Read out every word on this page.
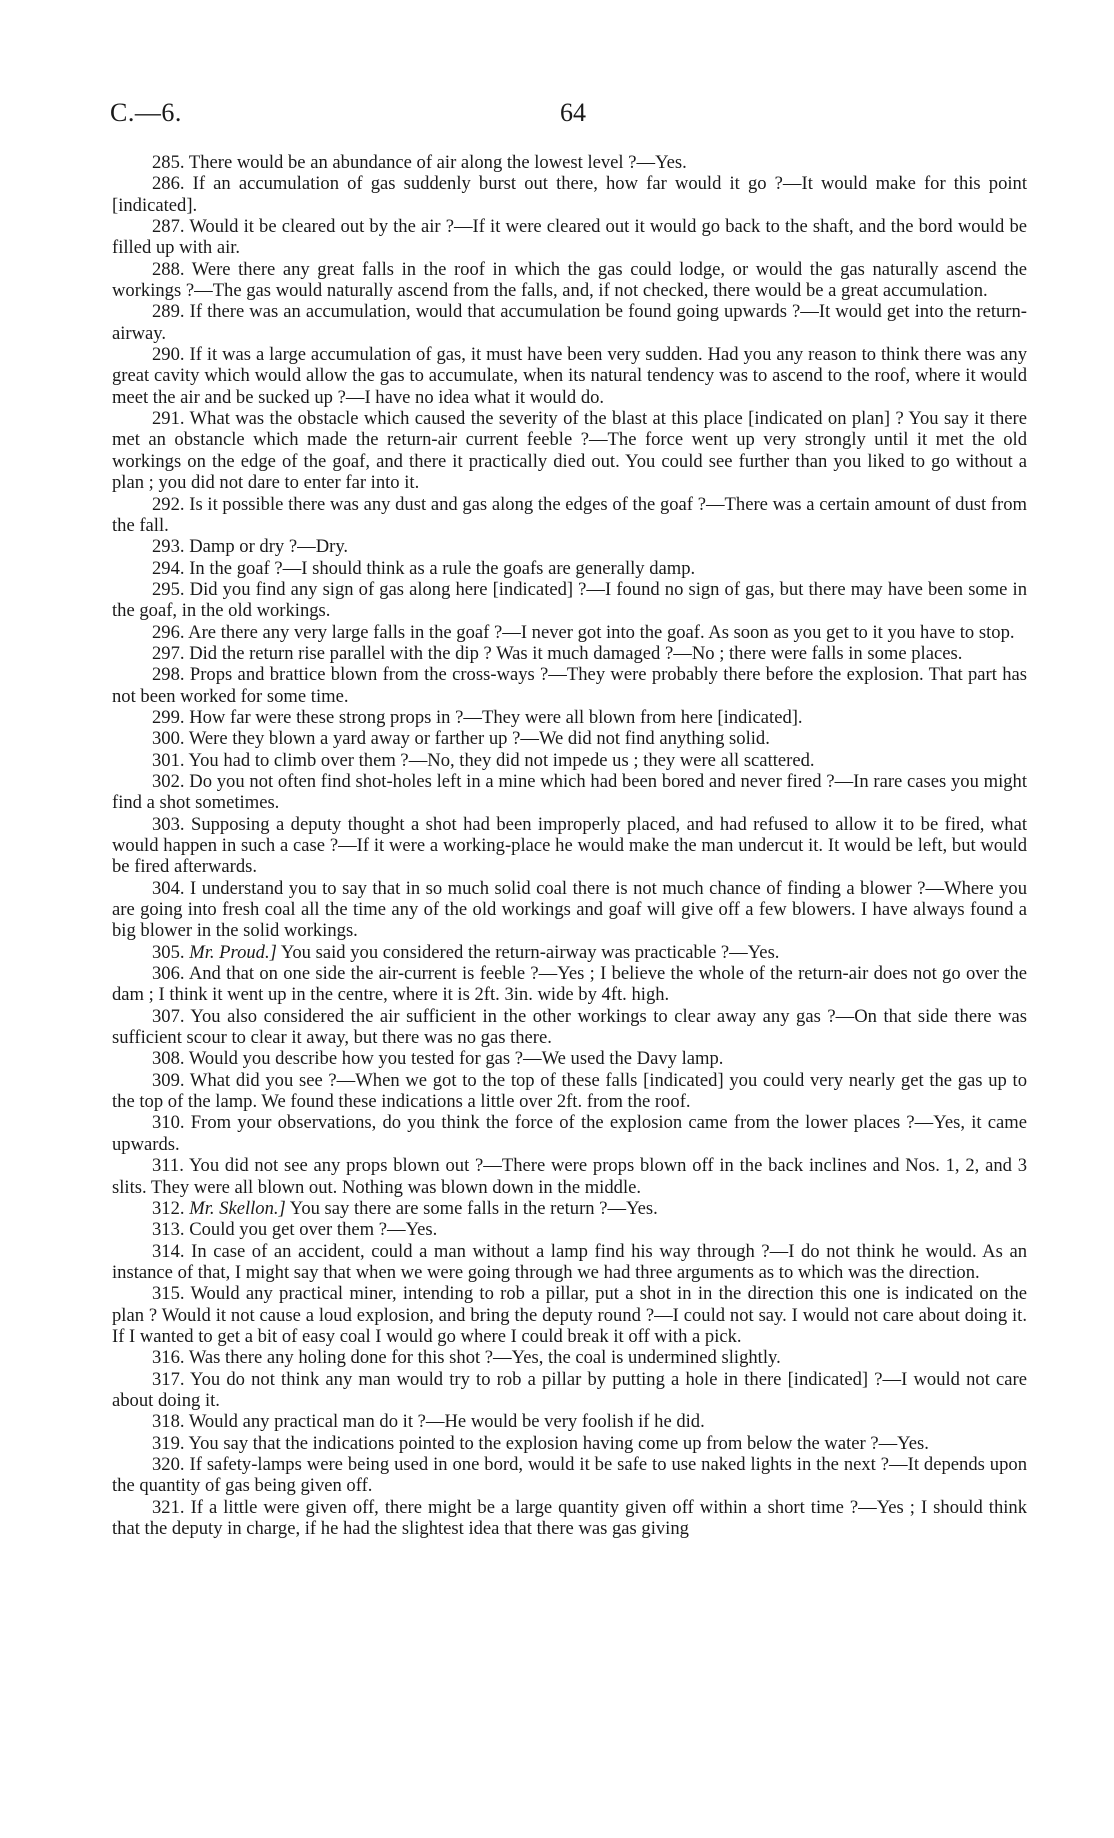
C.—6.	64

285. There would be an abundance of air along the lowest level ?—Yes.

286. If an accumulation of gas suddenly burst out there, how far would it go ?—It would make for this point [indicated].

287. Would it be cleared out by the air ?—If it were cleared out it would go back to the shaft, and the bord would be filled up with air.

288. Were there any great falls in the roof in which the gas could lodge, or would the gas naturally ascend the workings ?—The gas would naturally ascend from the falls, and, if not checked, there would be a great accumulation.

289. If there was an accumulation, would that accumulation be found going upwards ?—It would get into the return-airway.

290. If it was a large accumulation of gas, it must have been very sudden. Had you any reason to think there was any great cavity which would allow the gas to accumulate, when its natural tendency was to ascend to the roof, where it would meet the air and be sucked up ?—I have no idea what it would do.

291. What was the obstacle which caused the severity of the blast at this place [indicated on plan] ? You say it there met an obstancle which made the return-air current feeble ?—The force went up very strongly until it met the old workings on the edge of the goaf, and there it practically died out. You could see further than you liked to go without a plan ; you did not dare to enter far into it.

292. Is it possible there was any dust and gas along the edges of the goaf ?—There was a certain amount of dust from the fall.

293. Damp or dry ?—Dry.

294. In the goaf ?—I should think as a rule the goafs are generally damp.

295. Did you find any sign of gas along here [indicated] ?—I found no sign of gas, but there may have been some in the goaf, in the old workings.

296. Are there any very large falls in the goaf ?—I never got into the goaf. As soon as you get to it you have to stop.

297. Did the return rise parallel with the dip ? Was it much damaged ?—No ; there were falls in some places.

298. Props and brattice blown from the cross-ways ?—They were probably there before the explosion. That part has not been worked for some time.

299. How far were these strong props in ?—They were all blown from here [indicated].

300. Were they blown a yard away or farther up ?—We did not find anything solid.

301. You had to climb over them ?—No, they did not impede us ; they were all scattered.

302. Do you not often find shot-holes left in a mine which had been bored and never fired ?—In rare cases you might find a shot sometimes.

303. Supposing a deputy thought a shot had been improperly placed, and had refused to allow it to be fired, what would happen in such a case ?—If it were a working-place he would make the man undercut it. It would be left, but would be fired afterwards.

304. I understand you to say that in so much solid coal there is not much chance of finding a blower ?—Where you are going into fresh coal all the time any of the old workings and goaf will give off a few blowers. I have always found a big blower in the solid workings.

305. Mr. Proud.] You said you considered the return-airway was practicable ?—Yes.

306. And that on one side the air-current is feeble ?—Yes ; I believe the whole of the return-air does not go over the dam ; I think it went up in the centre, where it is 2ft. 3in. wide by 4ft. high.

307. You also considered the air sufficient in the other workings to clear away any gas ?—On that side there was sufficient scour to clear it away, but there was no gas there.

308. Would you describe how you tested for gas ?—We used the Davy lamp.

309. What did you see ?—When we got to the top of these falls [indicated] you could very nearly get the gas up to the top of the lamp. We found these indications a little over 2ft. from the roof.

310. From your observations, do you think the force of the explosion came from the lower places ?—Yes, it came upwards.

311. You did not see any props blown out ?—There were props blown off in the back inclines and Nos. 1, 2, and 3 slits. They were all blown out. Nothing was blown down in the middle.

312. Mr. Skellon.] You say there are some falls in the return ?—Yes.

313. Could you get over them ?—Yes.

314. In case of an accident, could a man without a lamp find his way through ?—I do not think he would. As an instance of that, I might say that when we were going through we had three arguments as to which was the direction.

315. Would any practical miner, intending to rob a pillar, put a shot in in the direction this one is indicated on the plan ? Would it not cause a loud explosion, and bring the deputy round ?—I could not say. I would not care about doing it. If I wanted to get a bit of easy coal I would go where I could break it off with a pick.

316. Was there any holing done for this shot ?—Yes, the coal is undermined slightly.

317. You do not think any man would try to rob a pillar by putting a hole in there [indicated] ?—I would not care about doing it.

318. Would any practical man do it ?—He would be very foolish if he did.

319. You say that the indications pointed to the explosion having come up from below the water ?—Yes.

320. If safety-lamps were being used in one bord, would it be safe to use naked lights in the next ?—It depends upon the quantity of gas being given off.

321. If a little were given off, there might be a large quantity given off within a short time ?—Yes ; I should think that the deputy in charge, if he had the slightest idea that there was gas giving
